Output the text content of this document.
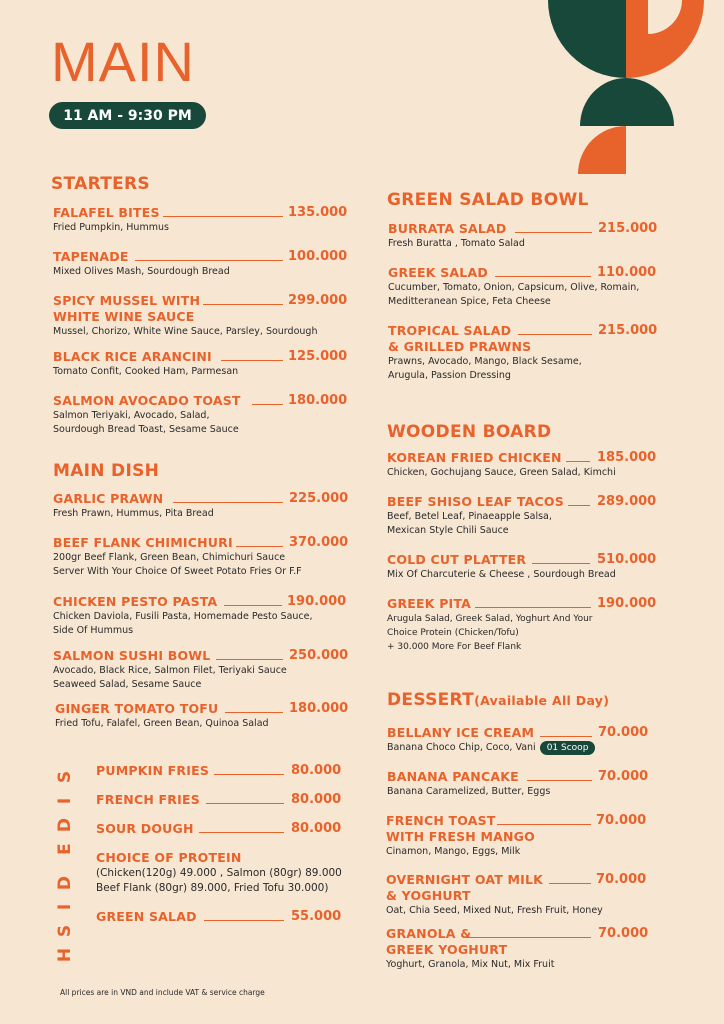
MAIN
11 AM - 9:30 PM
STARTERS
FALAFEL BITES
Fried Pumpkin, Hummus
135.000
TAPENADE
Mixed Olives Mash, Sourdough Bread
100.000
SPICY MUSSEL WITH
WHITE WINE SAUCE
Mussel, Chorizo, White Wine Sauce, Parsley, Sourdough
299.000
BLACK RICE ARANCINI
Tomato Confit, Cooked Ham, Parmesan
125.000
SALMON AVOCADO TOAST
Salmon Teriyaki, Avocado, Salad,
Sourdough Bread Toast, Sesame Sauce
180.000
MAIN DISH
GARLIC PRAWN
Fresh Prawn, Hummus, Pita Bread
225.000
BEEF FLANK CHIMICHURI
200gr Beef Flank, Green Bean, Chimichuri Sauce
Server With Your Choice Of Sweet Potato Fries Or F.F
370.000
CHICKEN PESTO PASTA
Chicken Daviola, Fusili Pasta, Homemade Pesto Sauce,
Side Of Hummus
190.000
SALMON SUSHI BOWL
Avocado, Black Rice, Salmon Filet, Teriyaki Sauce
Seaweed Salad, Sesame Sauce
250.000
GINGER TOMATO TOFU
Fried Tofu, Falafel, Green Bean, Quinoa Salad
180.000
S
I
D
E
D
I
S
H
PUMPKIN FRIES	80.000
FRENCH FRIES	80.000
SOUR DOUGH	80.000
CHOICE OF PROTEIN
(Chicken(120g) 49.000 , Salmon (80gr) 89.000
Beef Flank (80gr) 89.000, Fried Tofu 30.000)
GREEN SALAD	55.000
GREEN SALAD BOWL
BURRATA SALAD
Fresh Buratta , Tomato Salad
215.000
GREEK SALAD
Cucumber, Tomato, Onion, Capsicum, Olive, Romain,
Meditteranean Spice, Feta Cheese
110.000
TROPICAL SALAD
& GRILLED PRAWNS
Prawns, Avocado, Mango, Black Sesame,
Arugula, Passion Dressing
215.000
WOODEN BOARD
KOREAN FRIED CHICKEN
Chicken, Gochujang Sauce, Green Salad, Kimchi
185.000
BEEF SHISO LEAF TACOS
Beef, Betel Leaf, Pinaeapple Salsa,
Mexican Style Chili Sauce
289.000
COLD CUT PLATTER
Mix Of Charcuterie & Cheese , Sourdough Bread
510.000
GREEK PITA
Arugula Salad, Greek Salad, Yoghurt And Your
Choice Protein (Chicken/Tofu)
+ 30.000 More For Beef Flank
190.000
DESSERT(Available All Day)
BELLANY ICE CREAM
Banana Choco Chip, Coco, Vani 01 Scoop
70.000
BANANA PANCAKE
Banana Caramelized, Butter, Eggs
70.000
FRENCH TOAST
WITH FRESH MANGO
Cinamon, Mango, Eggs, Milk
70.000
OVERNIGHT OAT MILK
& YOGHURT
Oat, Chia Seed, Mixed Nut, Fresh Fruit, Honey
70.000
GRANOLA &
GREEK YOGHURT
Yoghurt, Granola, Mix Nut, Mix Fruit
70.000
All prices are in VND and include VAT & service charge
